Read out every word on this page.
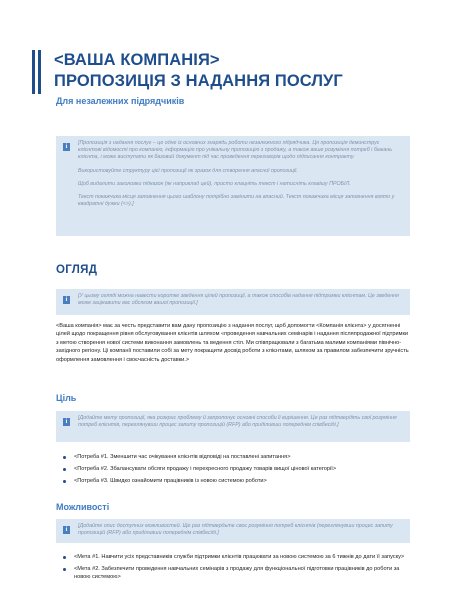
<ВАША КОМПАНІЯ>
ПРОПОЗИЦІЯ З НАДАННЯ ПОСЛУГ
Для незалежних підрядчиків
i

[Пропозиція з надання послуг – це одне із основних знарядь роботи незалежного підрядчика. Ця пропозиція демонструє клієнтові відомості про компанію, інформацію про унікальну пропозицію з продажу, а також ваше розуміння потреб і бажань клієнта, і може виступати як базовий документ під час проведення переговорів щодо підписання контракту.

Використовуйте структуру цієї пропозиції як зразок для створення власної пропозиції.

Щоб видалити заголовки підказок (як наприклад цей), просто клацніть текст і натисніть клавішу ПРОБІЛ.

Текст покажчика місця заповнення цього шаблону потрібно замінити на власний. Текст покажчика місця заповнення взято у квадратні дужки (<>).]

ОГЛЯД
i

[У цьому огляді можна навести коротке зведення цілей пропозиції, а також способів надання підтримки клієнтам. Це зведення може зацікавити вас обсягом вашої пропозиції.]

<Ваша компанія> має за честь представити вам дану пропозицію з надання послуг, щоб допомогти <Компанія клієнта> у досягненні цілей щодо покращення рівня обслуговування клієнтів шляхом «проведення навчальних семінарів і надання післяпродажної підтримки з метою створення нової системи виконання замовлень та ведення стіл. Ми співпрацювали з багатьма малими компаніями північно-західного регіону. Ці компанії поставили собі за мету покращити досвід роботи з клієнтами, шляхом за правилом забезпечити зручність оформлення замовлення і своєчасність доставки.>
Ціль
i

[Додайте мету пропозиції, яка розкриє проблему й запропонує основні способи її вирішення. Це раз підтвердіть свої розуміння потреб клієнтів, переглянувши процес запиту пропозицій (RFP) або приділивши попереднім співбесіді.]

<Потреба #1. Зменшити час очікування клієнтів відповіді на поставлені запитання>
<Потреба #2. Збалансувати обсяги продажу і перехресного продажу товарів вищої цінової категорії>
<Потреба #3. Швидко ознайомити працівників із новою системою роботи>
Можливості
i

[Додайте опис доступних можливостей. Ще раз підтвердьте своє розуміння потреб клієнтів (переглянувши процес запиту пропозицій (RFP) або приділивши попереднім співбесіді.]

<Мета #1. Навчити усіх представників служби підтримки клієнтів працювати за новою системою за 6 тижнів до дати її запуску>
<Мета #2. Забезпечити проведення навчальних семінарів з продажу для функціональної підготовки працівників до роботи за новою системою>
